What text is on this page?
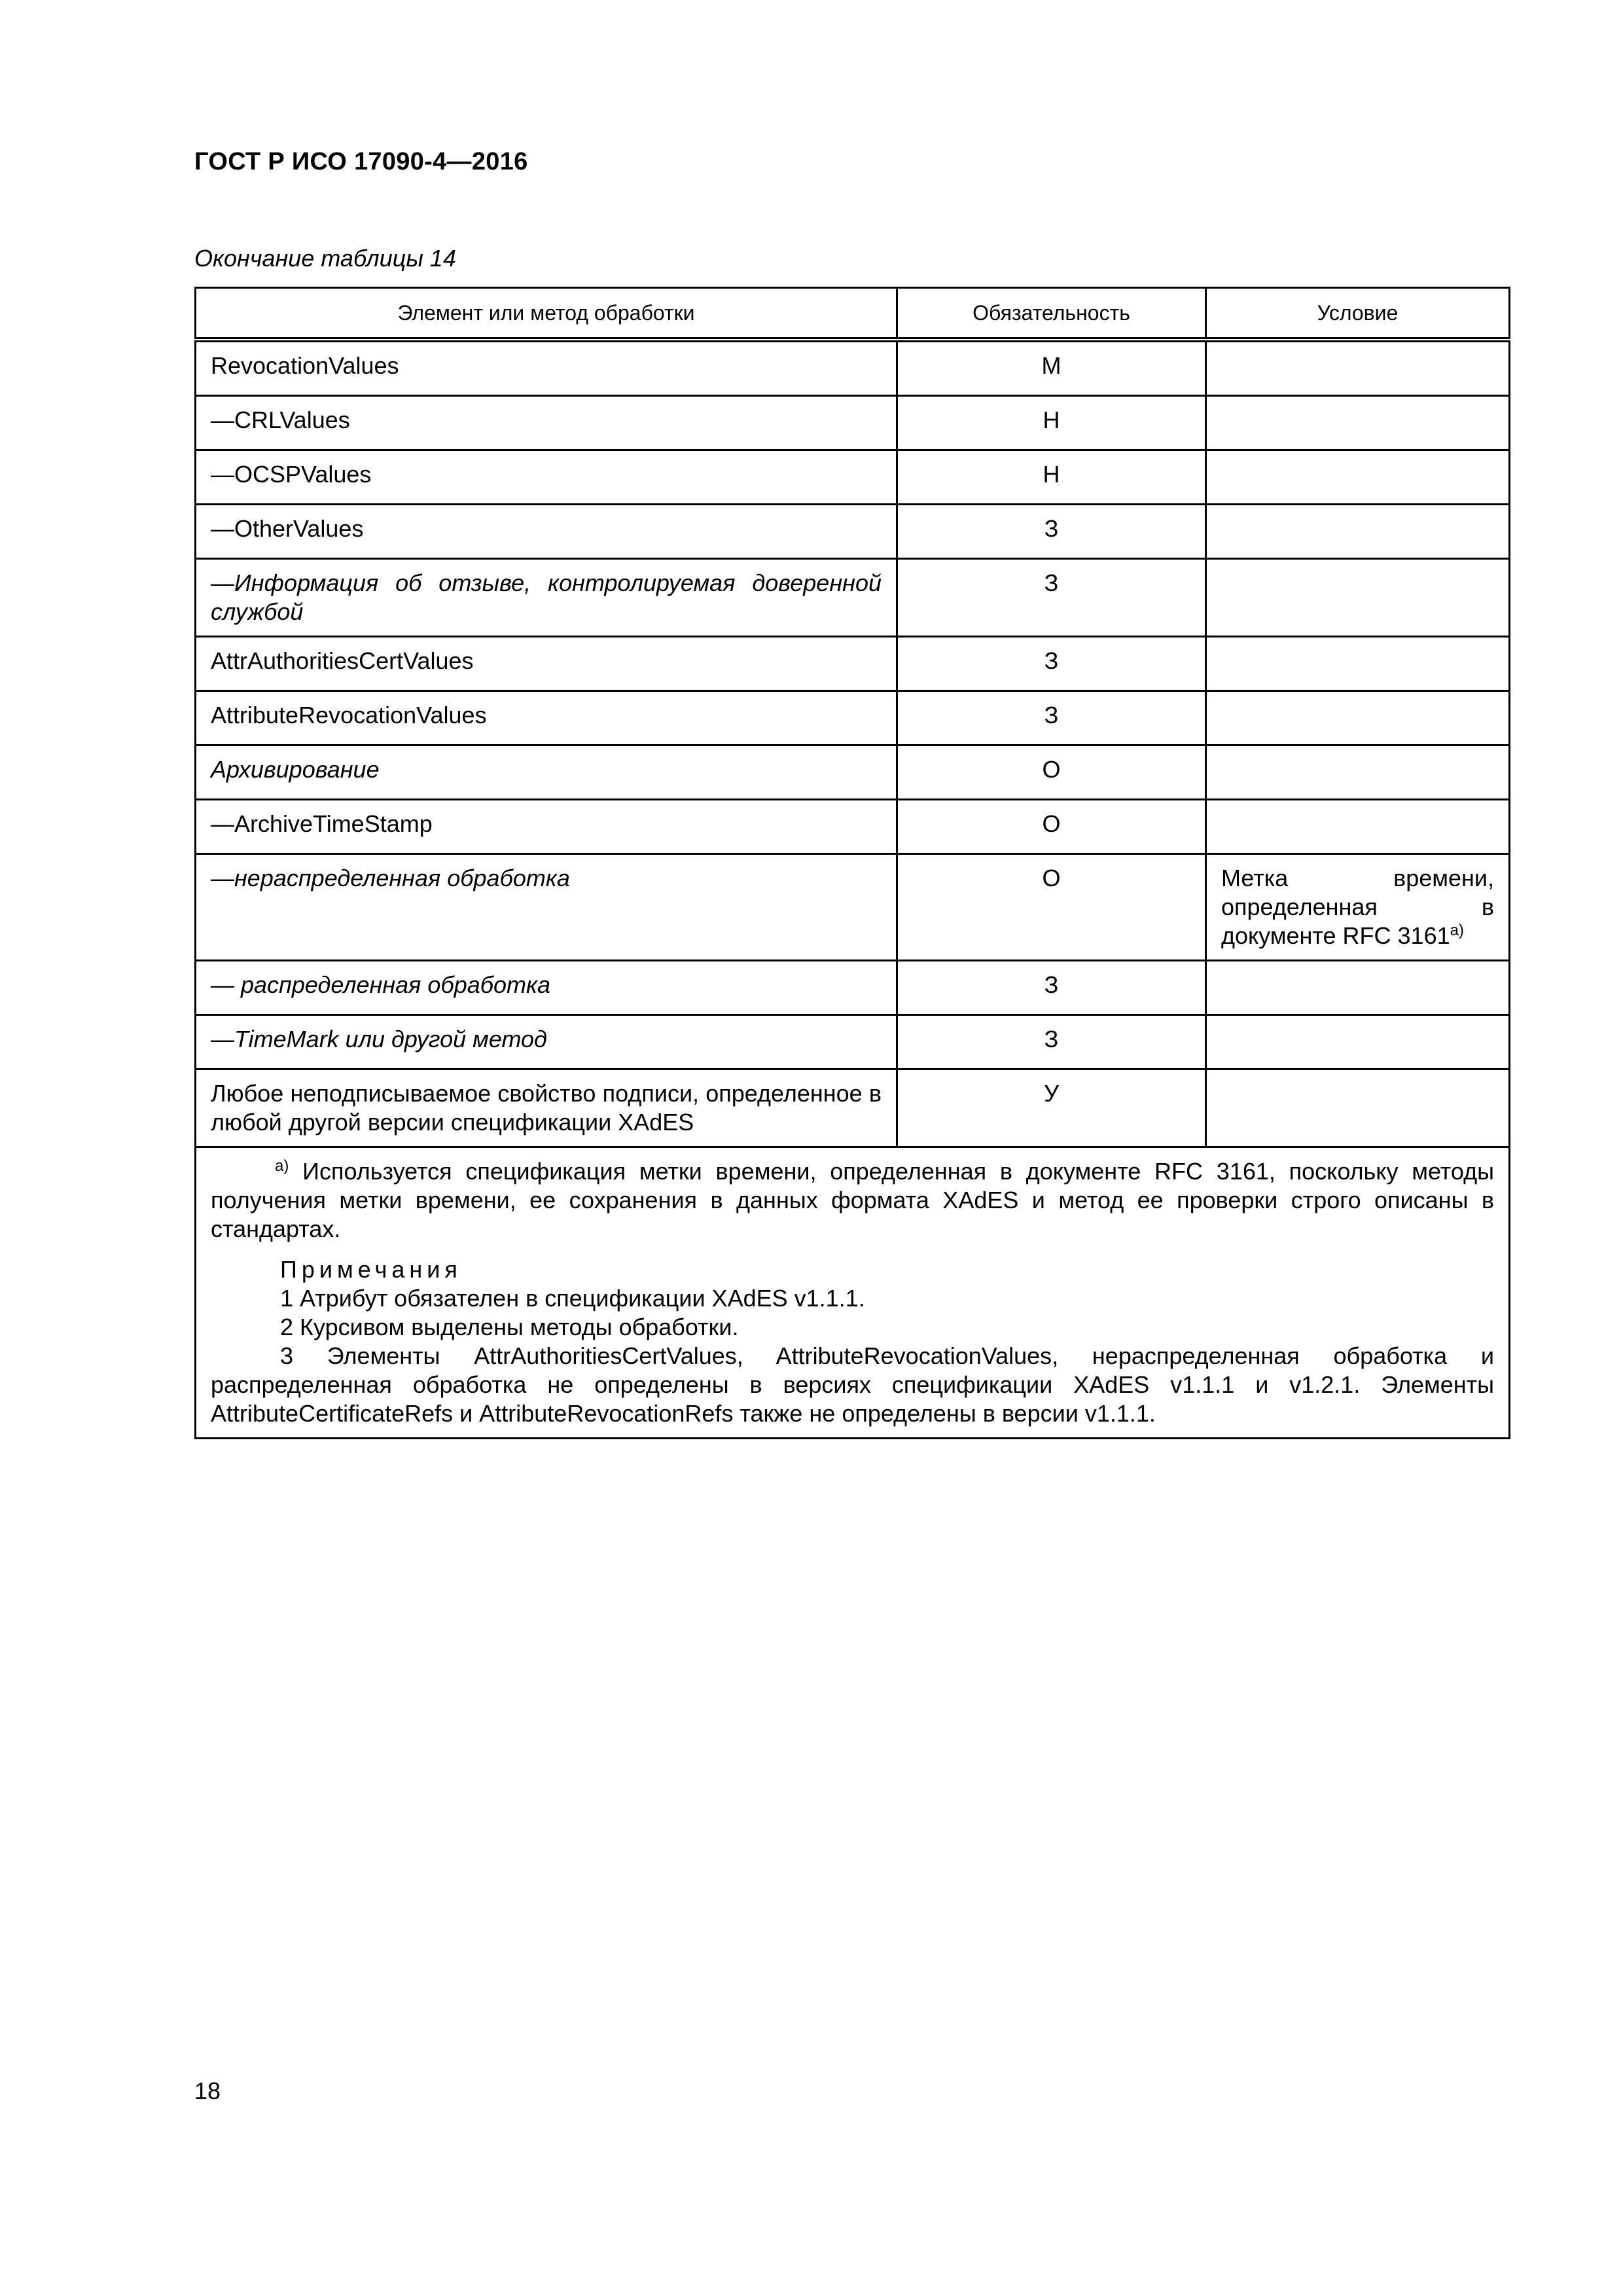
ГОСТ Р ИСО 17090-4—2016
Окончание таблицы 14
Элемент или метод обработки	Обязательность	Условие
RevocationValues	M	
—CRLValues	H	
—OCSPValues	H	
—OtherValues	З	
—Информация об отзыве, контролируемая доверенной службой	З	
AttrAuthoritiesCertValues	З	
AttributeRevocationValues	З	
Архивирование	O	
—ArchiveTimeStamp	O	
—нераспределенная обработка	O	Метка времени, определенная в документе RFC 3161$^{a)}$
— распределенная обработка	З	
—TimeMark или другой метод	З	
Любое неподписываемое свойство подписи, определенное в любой другой версии спецификации XAdES	У	

$^{a)}$ Используется спецификация метки времени, определенная в документе RFC 3161, поскольку методы получения метки времени, ее сохранения в данных формата XAdES и метод ее проверки строго описаны в стандартах.

Примечания

1 Атрибут обязателен в спецификации XAdES v1.1.1.

2 Курсивом выделены методы обработки.

3 Элементы AttrAuthoritiesCertValues, AttributeRevocationValues, нераспределенная обработка и распределенная обработка не определены в версиях спецификации XAdES v1.1.1 и v1.2.1. Элементы AttributeCertificateRefs и AttributeRevocationRefs также не определены в версии v1.1.1.		

18
